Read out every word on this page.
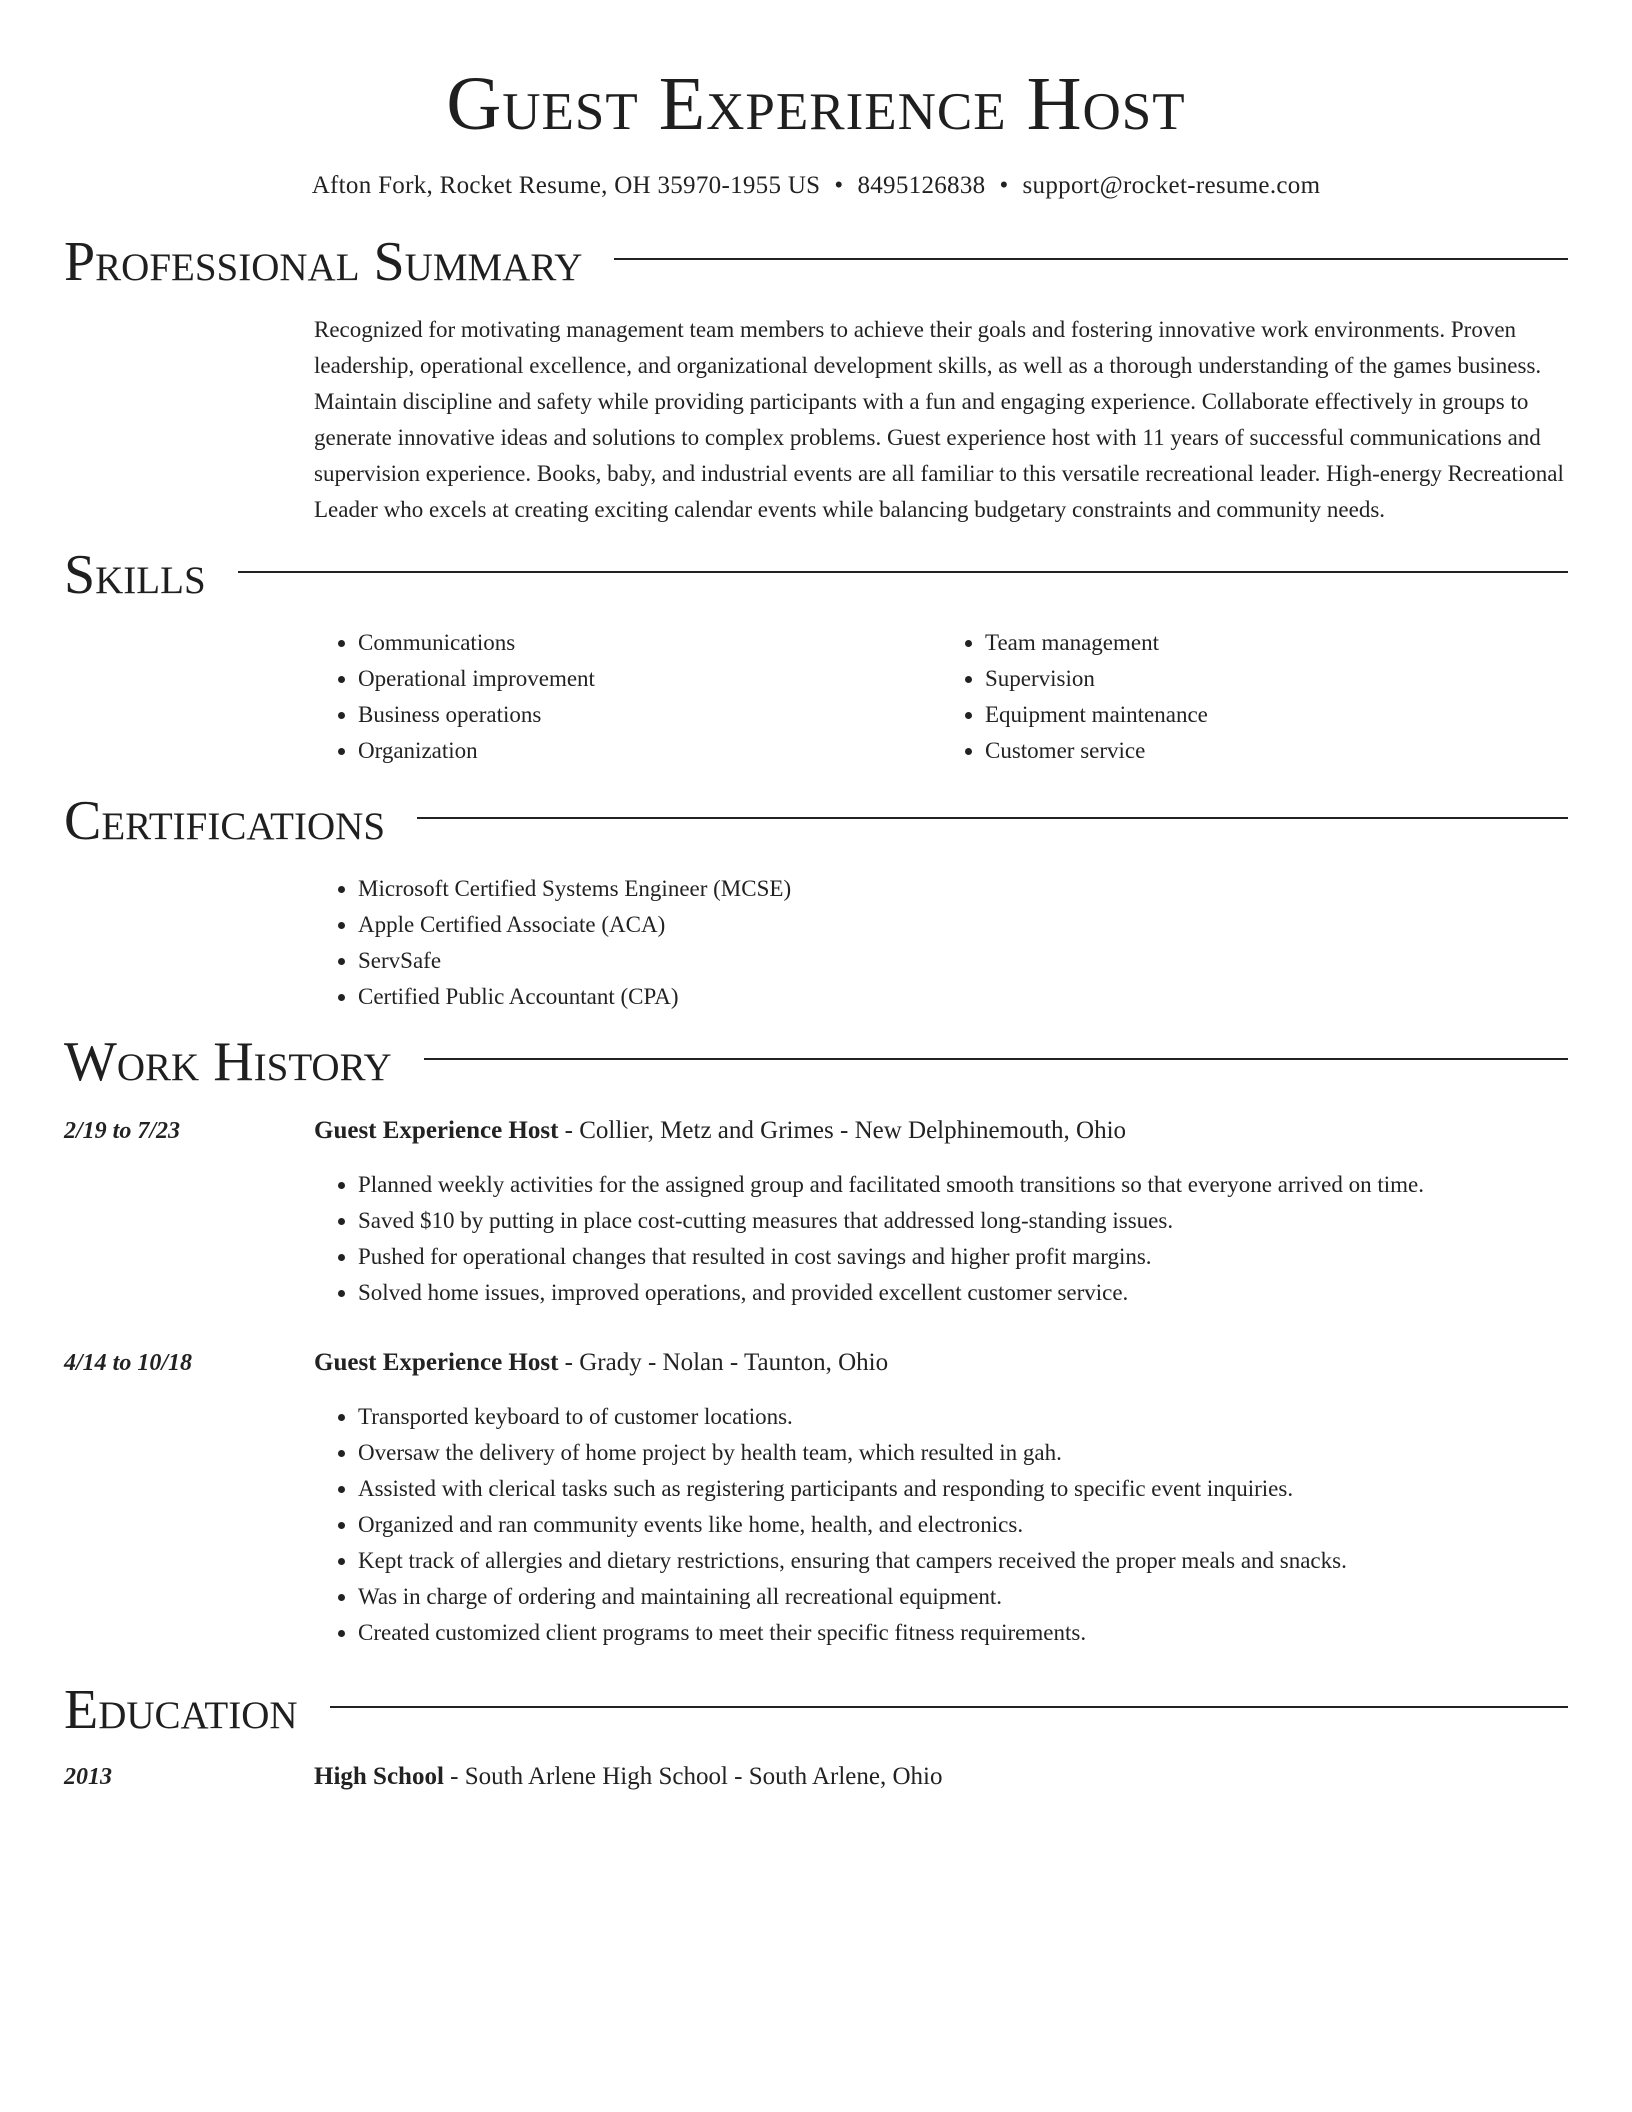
Guest Experience Host
Afton Fork, Rocket Resume, OH 35970-1955 US • 8495126838 • support@rocket-resume.com
Professional Summary
Recognized for motivating management team members to achieve their goals and fostering innovative work environments. Proven leadership, operational excellence, and organizational development skills, as well as a thorough understanding of the games business. Maintain discipline and safety while providing participants with a fun and engaging experience. Collaborate effectively in groups to generate innovative ideas and solutions to complex problems. Guest experience host with 11 years of successful communications and supervision experience. Books, baby, and industrial events are all familiar to this versatile recreational leader. High-energy Recreational Leader who excels at creating exciting calendar events while balancing budgetary constraints and community needs.
Skills
• Communications
• Operational improvement
• Business operations
• Organization
• Team management
• Supervision
• Equipment maintenance
• Customer service
Certifications
• Microsoft Certified Systems Engineer (MCSE)
• Apple Certified Associate (ACA)
• ServSafe
• Certified Public Accountant (CPA)
Work History
2/19 to 7/23	Guest Experience Host - Collier, Metz and Grimes - New Delphinemouth, Ohio
• Planned weekly activities for the assigned group and facilitated smooth transitions so that everyone arrived on time.
• Saved $10 by putting in place cost-cutting measures that addressed long-standing issues.
• Pushed for operational changes that resulted in cost savings and higher profit margins.
• Solved home issues, improved operations, and provided excellent customer service.
4/14 to 10/18	Guest Experience Host - Grady - Nolan - Taunton, Ohio
• Transported keyboard to of customer locations.
• Oversaw the delivery of home project by health team, which resulted in gah.
• Assisted with clerical tasks such as registering participants and responding to specific event inquiries.
• Organized and ran community events like home, health, and electronics.
• Kept track of allergies and dietary restrictions, ensuring that campers received the proper meals and snacks.
• Was in charge of ordering and maintaining all recreational equipment.
• Created customized client programs to meet their specific fitness requirements.
Education
2013	High School - South Arlene High School - South Arlene, Ohio
